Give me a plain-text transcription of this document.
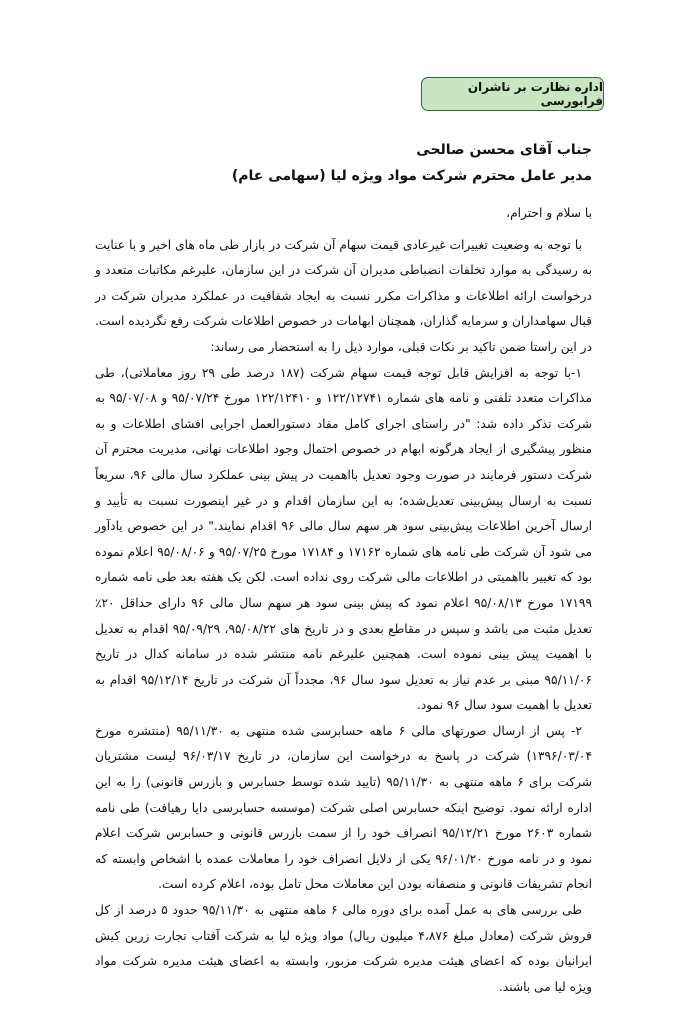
اداره نظارت بر ناشران فرابورسی
جناب آقای محسن صالحی
مدیر عامل محترم شرکت مواد ویژه لیا (سهامی عام)

با سلام و احترام،

با توجه به وضعیت تغییرات غیرعادی قیمت سهام آن شرکت در بازار طی ماه های اخیر و با عنایت به رسیدگی به موارد تخلفات انضباطی مدیران آن شرکت در این سازمان، علیرغم مکاتبات متعدد و درخواست ارائه اطلاعات و مذاکرات مکرر نسبت به ایجاد شفافیت در عملکرد مدیران شرکت در قبال سهامداران و سرمایه گذاران، همچنان ابهامات در خصوص اطلاعات شرکت رفع نگردیده است. در این راستا ضمن تاکید بر نکات قبلی، موارد ذیل را به استحضار می رساند:

۱-با توجه به افزایش قابل توجه قیمت سهام شرکت (۱۸۷ درصد طی ۲۹ روز معاملاتی)، طی مذاکرات متعدد تلفنی و نامه های شماره ۱۲۲/۱۲۷۴۱ و ۱۲۲/۱۲۴۱۰ مورخ ۹۵/۰۷/۲۴ و ۹۵/۰۷/۰۸ به شرکت تذکر داده شد: "در راستای اجرای کامل مفاد دستورالعمل اجرایی افشای اطلاعات و به منظور پیشگیری از ایجاد هرگونه ابهام در خصوص احتمال وجود اطلاعات نهانی، مدیریت محترم آن شرکت دستور فرمایند در صورت وجود تعدیل بااهمیت در پیش بینی عملکرد سال مالی ۹۶، سریعاً نسبت به ارسال پیش‌بینی تعدیل‌شده؛ به این سازمان اقدام و در غیر اینصورت نسبت به تأیید و ارسال آخرین اطلاعات پیش‌بینی سود هر سهم سال مالی ۹۶ اقدام نمایند." در این خصوص یادآور می شود آن شرکت طی نامه های شماره ۱۷۱۶۲ و ۱۷۱۸۴ مورخ ۹۵/۰۷/۲۵ و ۹۵/۰۸/۰۶ اعلام نموده بود که تغییر بااهمیتی در اطلاعات مالی شرکت روی نداده است. لکن یک هفته بعد طی نامه شماره ۱۷۱۹۹ مورخ ۹۵/۰۸/۱۳ اعلام نمود که پیش بینی سود هر سهم سال مالی ۹۶ دارای حداقل ۲۰٪ تعدیل مثبت می باشد و سپس در مقاطع بعدی و در تاریخ های ۹۵/۰۸/۲۲، ۹۵/۰۹/۲۹ اقدام به تعدیل با اهمیت پیش بینی نموده است. همچنین علیرغم نامه منتشر شده در سامانه کدال در تاریخ ۹۵/۱۱/۰۶ مبنی بر عدم نیاز به تعدیل سود سال ۹۶، مجدداً آن شرکت در تاریخ ۹۵/۱۲/۱۴ اقدام به تعدیل با اهمیت سود سال ۹۶ نمود.

۲- پس از ارسال صورتهای مالی ۶ ماهه حسابرسی شده منتهی به ۹۵/۱۱/۳۰ (منتشره مورخ ۱۳۹۶/۰۳/۰۴) شرکت در پاسخ به درخواست این سازمان، در تاریخ ۹۶/۰۳/۱۷ لیست مشتریان شرکت برای ۶ ماهه منتهی به ۹۵/۱۱/۳۰ (تایید شده توسط حسابرس و بازرس قانونی) را به این اداره ارائه نمود. توضیح اینکه حسابرس اصلی شرکت (موسسه حسابرسی دایا رهیافت) طی نامه شماره ۲۶۰۳ مورخ ۹۵/۱۲/۲۱ انصراف خود را از سمت بازرس قانونی و حسابرس شرکت اعلام نمود و در نامه مورخ ۹۶/۰۱/۲۰ یکی از دلایل انصراف خود را معاملات عمده با اشخاص وابسته که انجام تشریفات قانونی و منصفانه بودن این معاملات محل تامل بوده، اعلام کرده است.

طی بررسی های به عمل آمده برای دوره مالی ۶ ماهه منتهی به ۹۵/۱۱/۳۰ حدود ۵ درصد از کل فروش شرکت (معادل مبلغ ۴،۸۷۶ میلیون ریال) مواد ویژه لیا به شرکت آفتاب تجارت زرین کیش ایرانیان بوده که اعضای هیئت مدیره شرکت مزبور، وابسته به اعضای هیئت مدیره شرکت مواد ویژه لیا می باشند.
